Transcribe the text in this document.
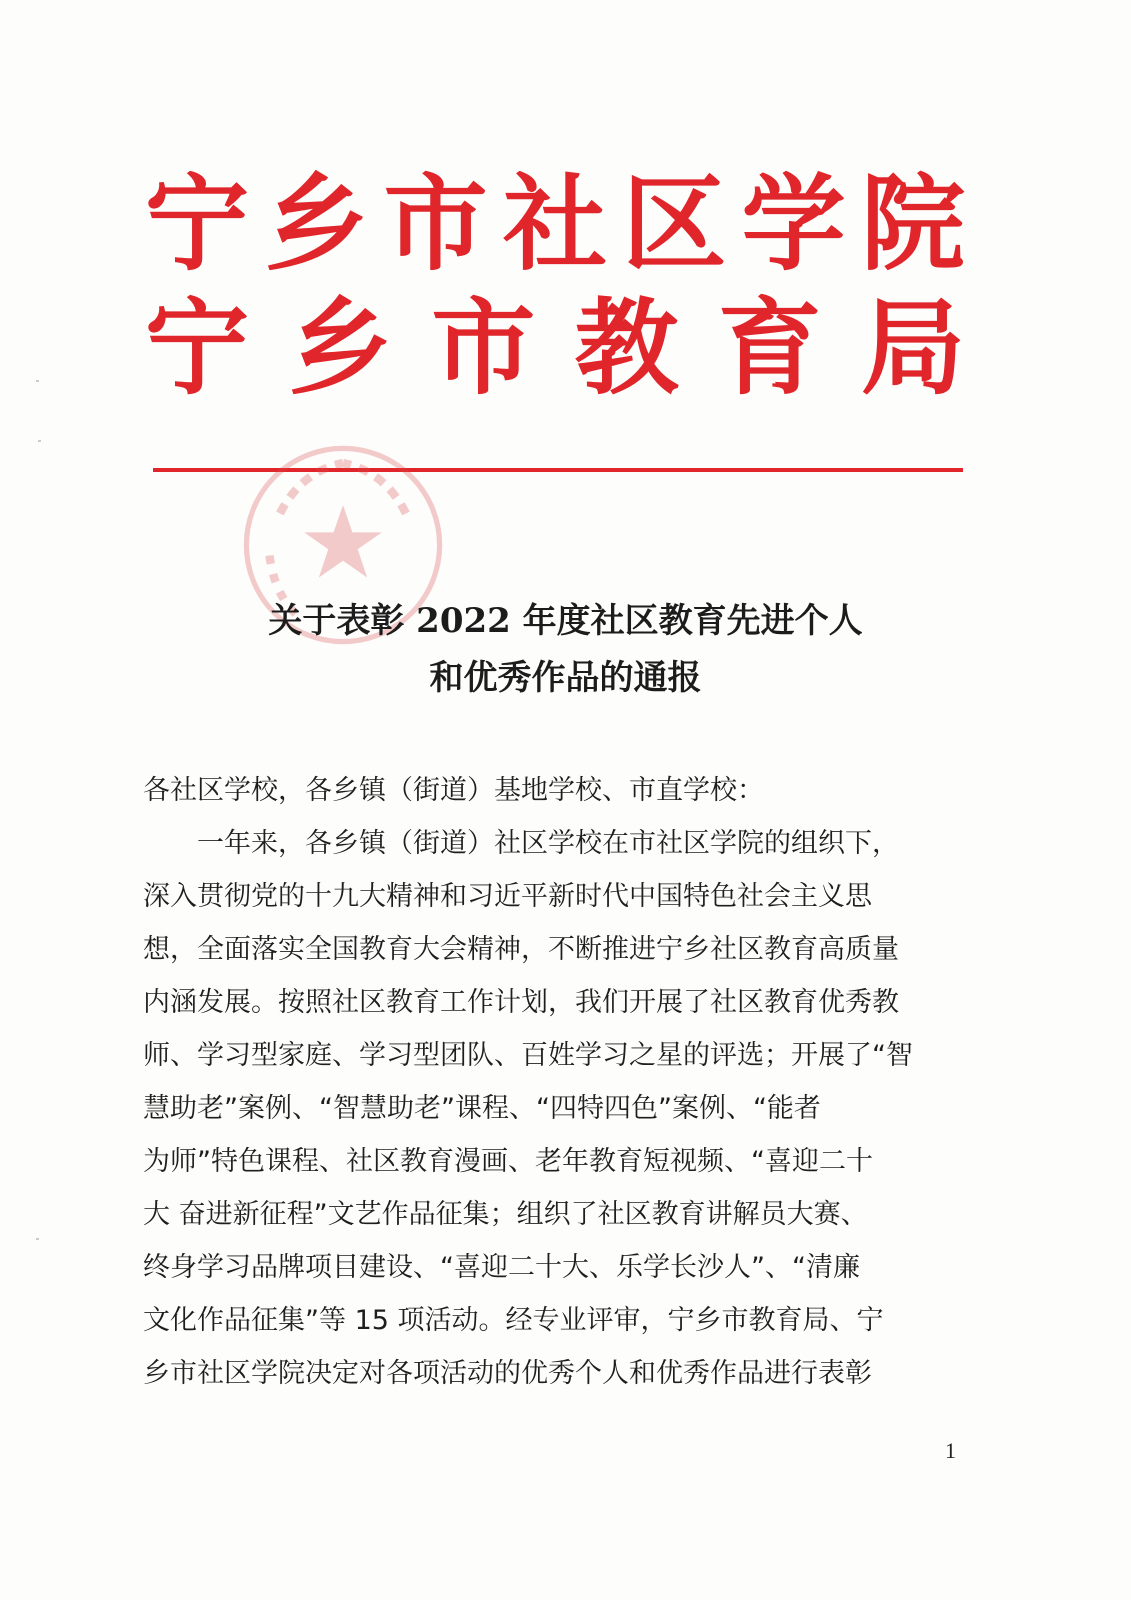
宁 乡 市 社 区 学 院
宁 乡 市 教 育 局
关于表彰 2022 年度社区教育先进个人
和优秀作品的通报
各社区学校，各乡镇（街道）基地学校、市直学校：
　　一年来，各乡镇（街道）社区学校在市社区学院的组织下，
深入贯彻党的十九大精神和习近平新时代中国特色社会主义思
想，全面落实全国教育大会精神，不断推进宁乡社区教育高质量
内涵发展。按照社区教育工作计划，我们开展了社区教育优秀教
师、学习型家庭、学习型团队、百姓学习之星的评选；开展了“智
慧助老”案例、“智慧助老”课程、“四特四色”案例、“能者
为师”特色课程、社区教育漫画、老年教育短视频、“喜迎二十
大 奋进新征程”文艺作品征集；组织了社区教育讲解员大赛、
终身学习品牌项目建设、“喜迎二十大、乐学长沙人”、“清廉
文化作品征集”等 15 项活动。经专业评审，宁乡市教育局、宁
乡市社区学院决定对各项活动的优秀个人和优秀作品进行表彰
1
